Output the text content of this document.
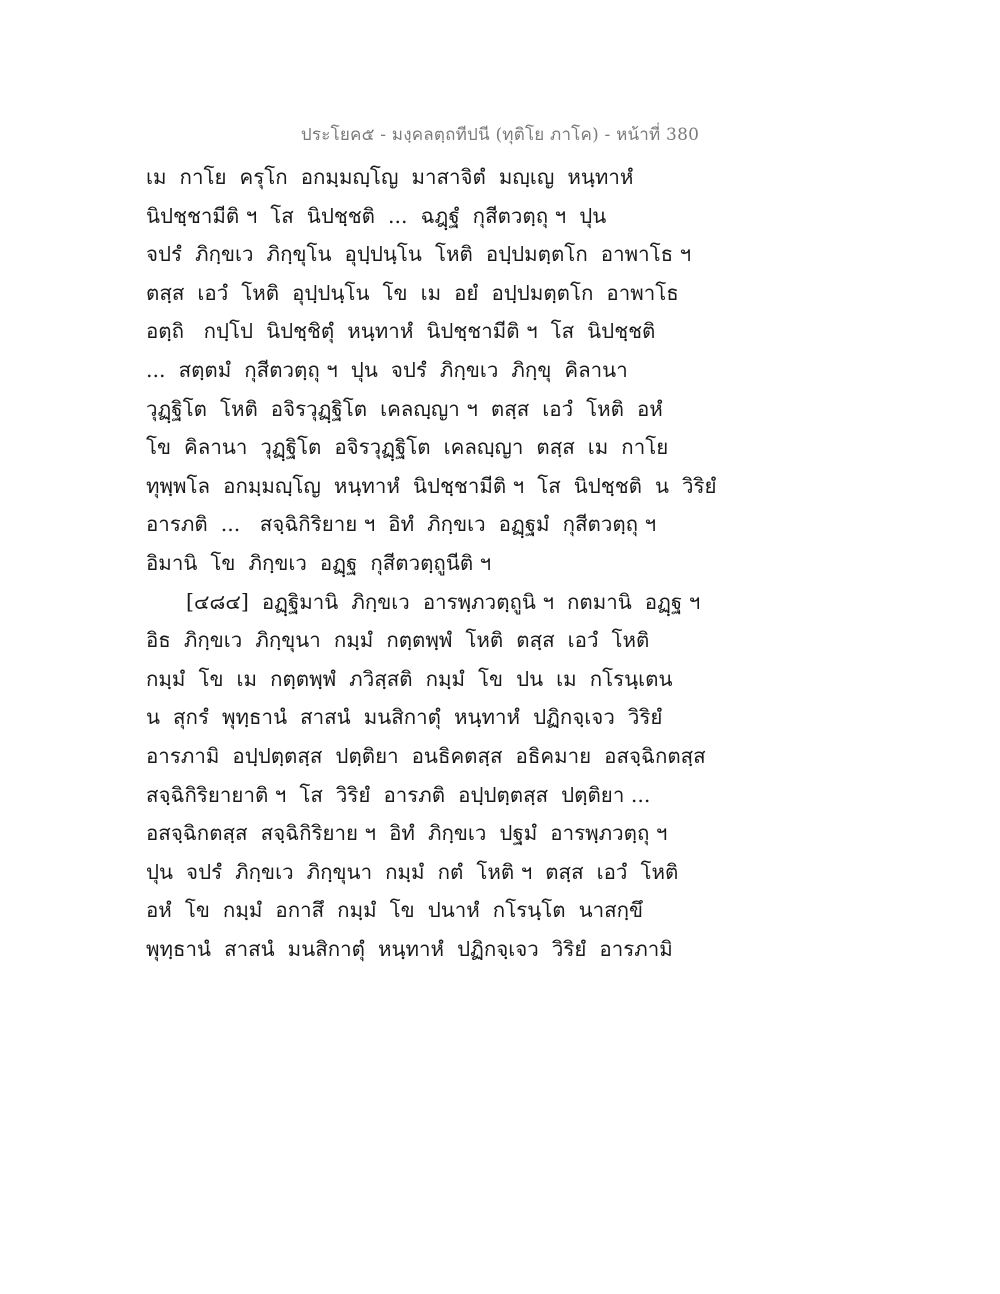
ประโยค๕ - มงฺคลตฺถทีปนี (ทุติโย ภาโค) - หน้าที่ 380
เม  กาโย  ครุโก  อกมฺมญฺโญ  มาสาจิตํ  มญฺเญ  หนฺทาหํ
นิปชฺชามีติ ฯ  โส  นิปชฺชติ  ...  ฉฎฺฐํ  กุสีตวตฺถุ ฯ  ปุน
จปรํ  ภิกฺขเว  ภิกฺขุโน  อุปฺปนฺโน  โหติ  อปฺปมตฺตโก  อาพาโธ ฯ
ตสฺส  เอวํ  โหติ  อุปฺปนฺโน  โข  เม  อยํ  อปฺปมตฺตโก  อาพาโธ
อตฺถิ   กปฺโป  นิปชฺชิตุํ  หนฺทาหํ  นิปชฺชามีติ ฯ  โส  นิปชฺชติ
...  สตฺตมํ  กุสีตวตฺถุ ฯ  ปุน  จปรํ  ภิกฺขเว  ภิกฺขุ  คิลานา
วุฏฺฐิโต  โหติ  อจิรวุฏฺฐิโต  เคลญฺญา ฯ  ตสฺส  เอวํ  โหติ  อหํ
โข  คิลานา  วุฏฺฐิโต  อจิรวุฏฺฐิโต  เคลญฺญา  ตสฺส  เม  กาโย
ทุพฺพโล  อกมฺมญฺโญ  หนฺทาหํ  นิปชฺชามีติ ฯ  โส  นิปชฺชติ  น  วิริยํ
อารภติ  ...   สจฺฉิกิริยาย ฯ  อิทํ  ภิกฺขเว  อฏฺฐมํ  กุสีตวตฺถุ ฯ
อิมานิ  โข  ภิกฺขเว  อฏฺฐ  กุสีตวตฺถูนีติ ฯ
[๔๘๔]  อฏฺฐิมานิ  ภิกฺขเว  อารพฺภวตฺถูนิ ฯ  กตมานิ  อฏฺฐ ฯ
อิธ  ภิกฺขเว  ภิกฺขุนา  กมฺมํ  กตฺตพฺพํ  โหติ  ตสฺส  เอวํ  โหติ
กมฺมํ  โข  เม  กตฺตพฺพํ  ภวิสฺสติ  กมฺมํ  โข  ปน  เม  กโรนฺเตน
น  สุกรํ  พุทฺธานํ  สาสนํ  มนสิกาตุํ  หนฺทาหํ  ปฏิกจฺเจว  วิริยํ
อารภามิ  อปฺปตฺตสฺส  ปตฺติยา  อนธิคตสฺส  อธิคมาย  อสจฺฉิกตสฺส
สจฺฉิกิริยายาติ ฯ  โส  วิริยํ  อารภติ  อปฺปตฺตสฺส  ปตฺติยา ...
อสจฺฉิกตสฺส  สจฺฉิกิริยาย ฯ  อิทํ  ภิกฺขเว  ปฐมํ  อารพฺภวตฺถุ ฯ
ปุน  จปรํ  ภิกฺขเว  ภิกฺขุนา  กมฺมํ  กตํ  โหติ ฯ  ตสฺส  เอวํ  โหติ
อหํ  โข  กมฺมํ  อกาสึ  กมฺมํ  โข  ปนาหํ  กโรนฺโต  นาสกฺขึ
พุทฺธานํ  สาสนํ  มนสิกาตุํ  หนฺทาหํ  ปฏิกจฺเจว  วิริยํ  อารภามิ
